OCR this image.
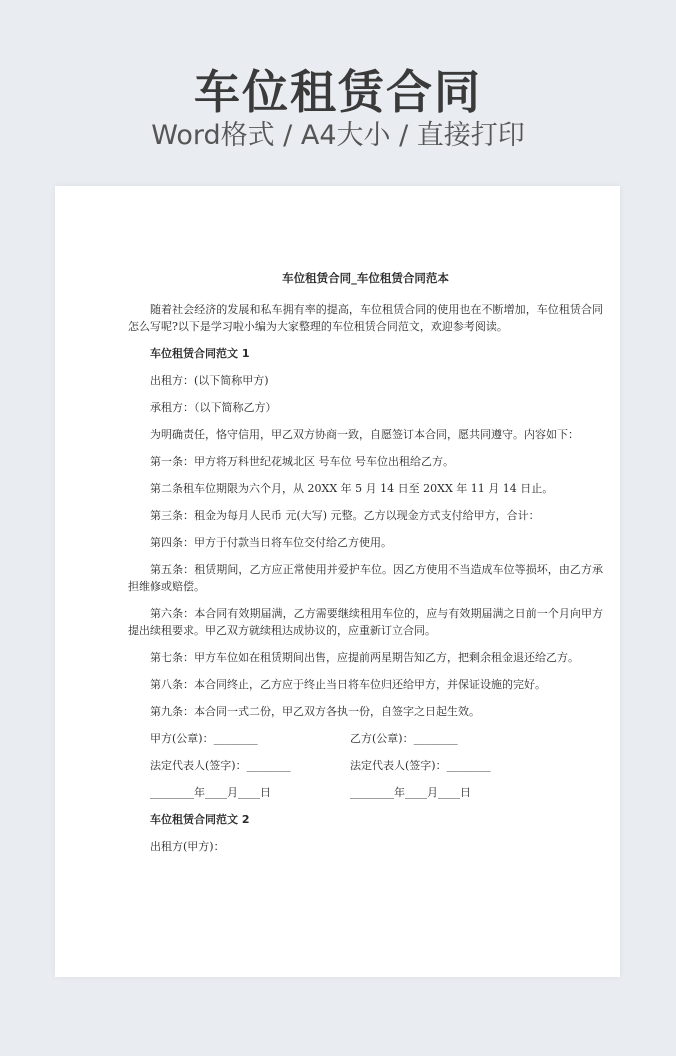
车位租赁合同
Word格式 / A4大小 / 直接打印
车位租赁合同_车位租赁合同范本

随着社会经济的发展和私车拥有率的提高，车位租赁合同的使用也在不断增加，车位租赁合同怎么写呢?以下是学习啦小编为大家整理的车位租赁合同范文，欢迎参考阅读。

车位租赁合同范文 1

出租方：(以下简称甲方)

承租方：（以下简称乙方）

为明确责任，恪守信用，甲乙双方协商一致，自愿签订本合同，愿共同遵守。内容如下：

第一条：甲方将万科世纪花城北区 号车位 号车位出租给乙方。

第二条租车位期限为六个月，从 20XX 年 5 月 14 日至 20XX 年 11 月 14 日止。

第三条：租金为每月人民币 元(大写) 元整。乙方以现金方式支付给甲方，合计：

第四条：甲方于付款当日将车位交付给乙方使用。

第五条：租赁期间，乙方应正常使用并爱护车位。因乙方使用不当造成车位等损坏，由乙方承担维修或赔偿。

第六条：本合同有效期届满，乙方需要继续租用车位的，应与有效期届满之日前一个月向甲方提出续租要求。甲乙双方就续租达成协议的，应重新订立合同。

第七条：甲方车位如在租赁期间出售，应提前两星期告知乙方，把剩余租金退还给乙方。

第八条：本合同终止，乙方应于终止当日将车位归还给甲方，并保证设施的完好。

第九条：本合同一式二份，甲乙双方各执一份，自签字之日起生效。

甲方(公章)：________	乙方(公章)：________
法定代表人(签字)：________	法定代表人(签字)：________
________年____月____日	________年____月____日
车位租赁合同范文 2

出租方(甲方)：
